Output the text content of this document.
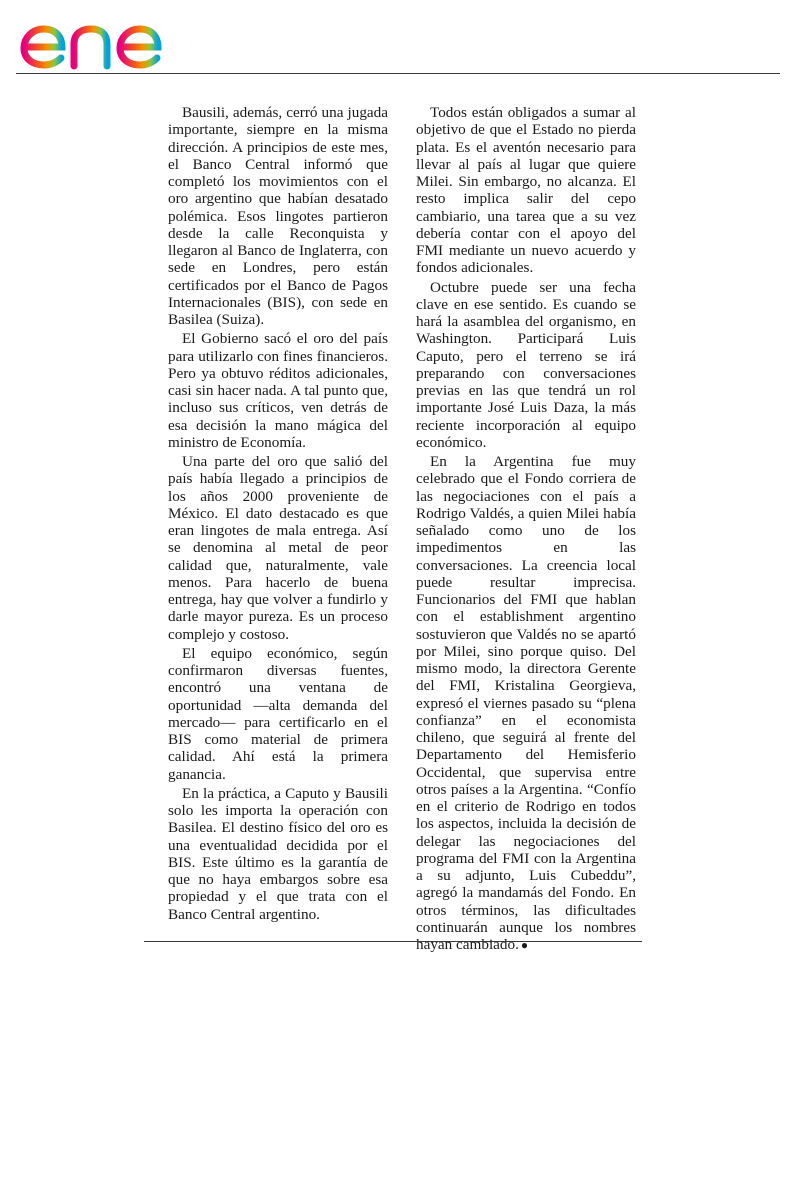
Bausili, además, cerró una jugada importante, siempre en la misma dirección. A principios de este mes, el Banco Central informó que completó los movimientos con el oro argentino que habían desatado polémica. Esos lingotes partieron desde la calle Reconquista y llegaron al Banco de Inglaterra, con sede en Londres, pero están certificados por el Banco de Pagos Internacionales (BIS), con sede en Basilea (Suiza).

El Gobierno sacó el oro del país para utilizarlo con fines financieros. Pero ya obtuvo réditos adicionales, casi sin hacer nada. A tal punto que, incluso sus críticos, ven detrás de esa decisión la mano mágica del ministro de Economía.

Una parte del oro que salió del país había llegado a principios de los años 2000 proveniente de México. El dato destacado es que eran lingotes de mala entrega. Así se denomina al metal de peor calidad que, naturalmente, vale menos. Para hacerlo de buena entrega, hay que volver a fundirlo y darle mayor pureza. Es un proceso complejo y costoso.

El equipo económico, según confirmaron diversas fuentes, encontró una ventana de oportunidad —alta demanda del mercado— para certificarlo en el BIS como material de primera calidad. Ahí está la primera ganancia.

En la práctica, a Caputo y Bausili solo les importa la operación con Basilea. El destino físico del oro es una eventualidad decidida por el BIS. Este último es la garantía de que no haya embargos sobre esa propiedad y el que trata con el Banco Central argentino.

Todos están obligados a sumar al objetivo de que el Estado no pierda plata. Es el aventón necesario para llevar al país al lugar que quiere Milei. Sin embargo, no alcanza. El resto implica salir del cepo cambiario, una tarea que a su vez debería contar con el apoyo del FMI mediante un nuevo acuerdo y fondos adicionales.

Octubre puede ser una fecha clave en ese sentido. Es cuando se hará la asamblea del organismo, en Washington. Participará Luis Caputo, pero el terreno se irá preparando con conversaciones previas en las que tendrá un rol importante José Luis Daza, la más reciente incorporación al equipo económico.

En la Argentina fue muy celebrado que el Fondo corriera de las negociaciones con el país a Rodrigo Valdés, a quien Milei había señalado como uno de los impedimentos en las conversaciones. La creencia local puede resultar imprecisa. Funcionarios del FMI que hablan con el establishment argentino sostuvieron que Valdés no se apartó por Milei, sino porque quiso. Del mismo modo, la directora Gerente del FMI, Kristalina Georgieva, expresó el viernes pasado su “plena confianza” en el economista chileno, que seguirá al frente del Departamento del Hemisferio Occidental, que supervisa entre otros países a la Argentina. “Confío en el criterio de Rodrigo en todos los aspectos, incluida la decisión de delegar las negociaciones del programa del FMI con la Argentina a su adjunto, Luis Cubeddu”, agregó la mandamás del Fondo. En otros términos, las dificultades continuarán aunque los nombres hayan cambiado. ●
